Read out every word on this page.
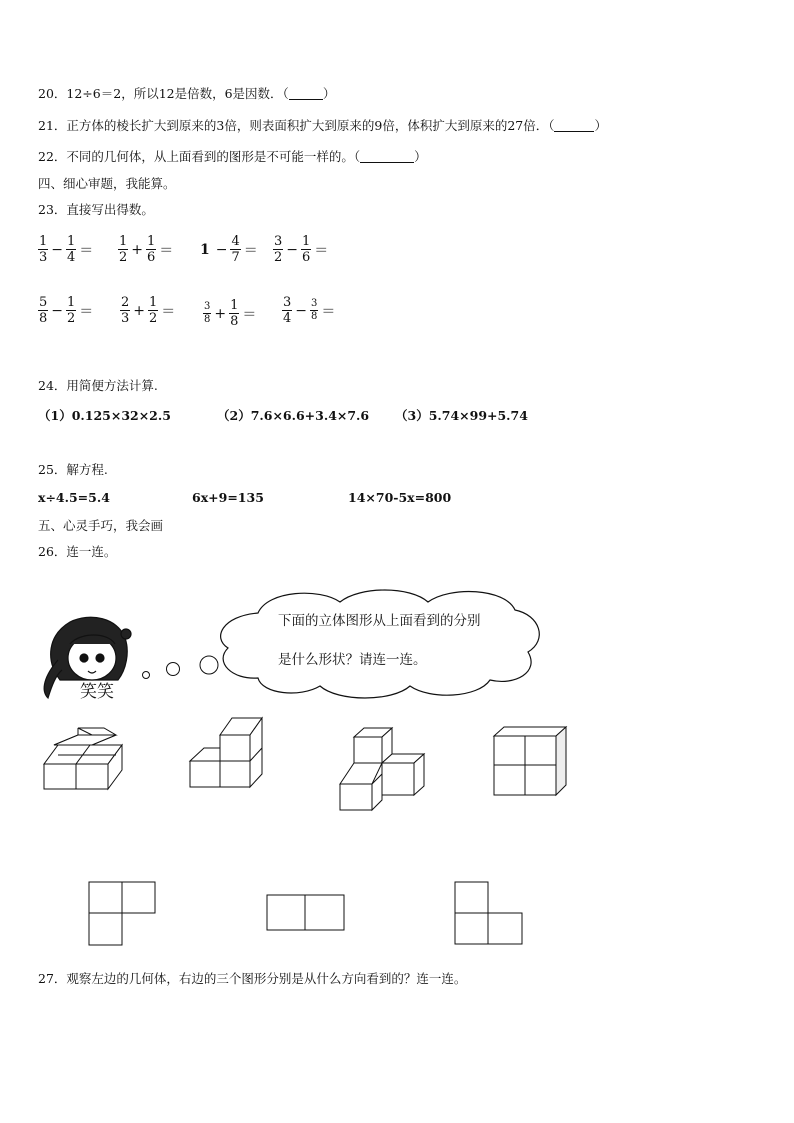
20．12÷6＝2，所以12是倍数，6是因数．（	）
21．正方体的棱长扩大到原来的3倍，则表面积扩大到原来的9倍，体积扩大到原来的27倍．（	）
22．不同的几何体，从上面看到的图形是不可能一样的。（	）
四、细心审题，我能算。
23．直接写出得数。
$\frac{1}{3} - \frac{1}{4} = \frac{1}{2} + \frac{1}{6} = 1 - \frac{4}{7} = \frac{3}{2} - \frac{1}{6}$ ＝
$\frac{5}{8} - \frac{1}{2} = \frac{2}{3} + \frac{1}{2}$ ＝	$\frac{3}{8} + \frac{1}{8} = \frac{3}{4} - \frac{3}{8}$ ＝
24．用简便方法计算.
（1）0.125×32×2.5	（2）7.6×6.6+3.4×7.6 （3）5.74×99+5.74
25．解方程.
x÷4.5=5.4	6x+9=135	14×70-5x=800
五、心灵手巧，我会画
26．连一连。
笑笑
下面的立体图形从上面看到的分别
是什么形状？请连一连。
27．观察左边的几何体，右边的三个图形分别是从什么方向看到的？连一连。
